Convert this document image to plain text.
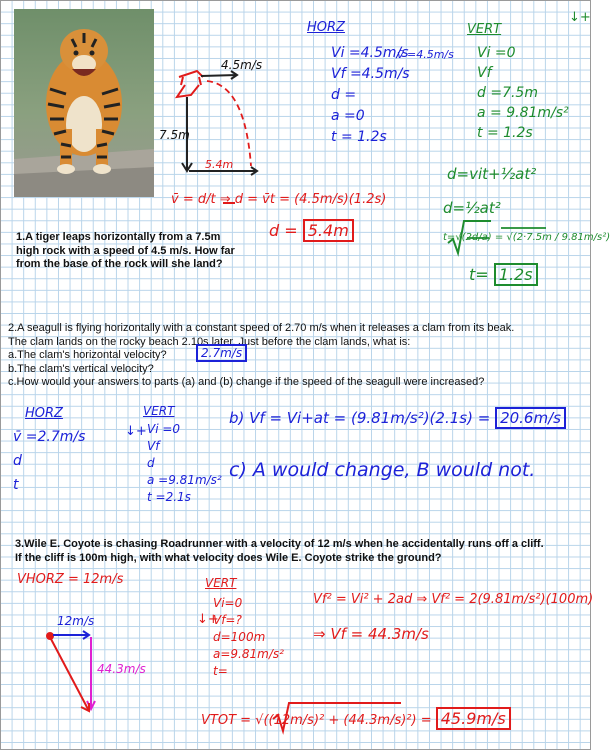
1.A tiger leaps horizontally from a 7.5m high rock with a speed of 4.5 m/s. How far from the base of the rock will she land?
2.A seagull is flying horizontally with a constant speed of 2.70 m/s when it releases a clam from its beak.
The clam lands on the rocky beach 2.10s later. Just before the clam lands, what is:
a.The clam's horizontal velocity?
b.The clam's vertical velocity?
c.How would your answers to parts (a) and (b) change if the speed of the seagull were increased?
3.Wile E. Coyote is chasing Roadrunner with a velocity of 12 m/s when he accidentally runs off a cliff.
If the cliff is 100m high, with what velocity does Wile E. Coyote strike the ground?
HORZ
Vi =4.5m/s
Vf =4.5m/s
d =
a =0
t = 1.2s
v̄ =4.5m/s
VERT
Vi =0
Vf
d =7.5m
a = 9.81m/s²
t = 1.2s
↓+
4.5m/s
7.5m
5.4m
v̄ = d/t ⇒ d = v̄t = (4.5m/s)(1.2s)
d = 5.4m
d=vit+½at²
d=½at²
t=√(2d/a) = √(2·7.5m / 9.81m/s²)
t= 1.2s
2.7m/s
HORZ
v̄ =2.7m/s
d
t
VERT
Vi =0
Vf
d
a =9.81m/s²
t =2.1s
↓+
b) Vf = Vi+at = (9.81m/s²)(2.1s) = 20.6m/s
c) A would change, B would not.
VHORZ = 12m/s
12m/s
44.3m/s
VERT
Vi=0
Vf=?
d=100m
a=9.81m/s²
t=
↓+
Vf² = Vi² + 2ad ⇒ Vf² = 2(9.81m/s²)(100m)
⇒ Vf = 44.3m/s
VTOT = √((12m/s)² + (44.3m/s)²) = 45.9m/s
